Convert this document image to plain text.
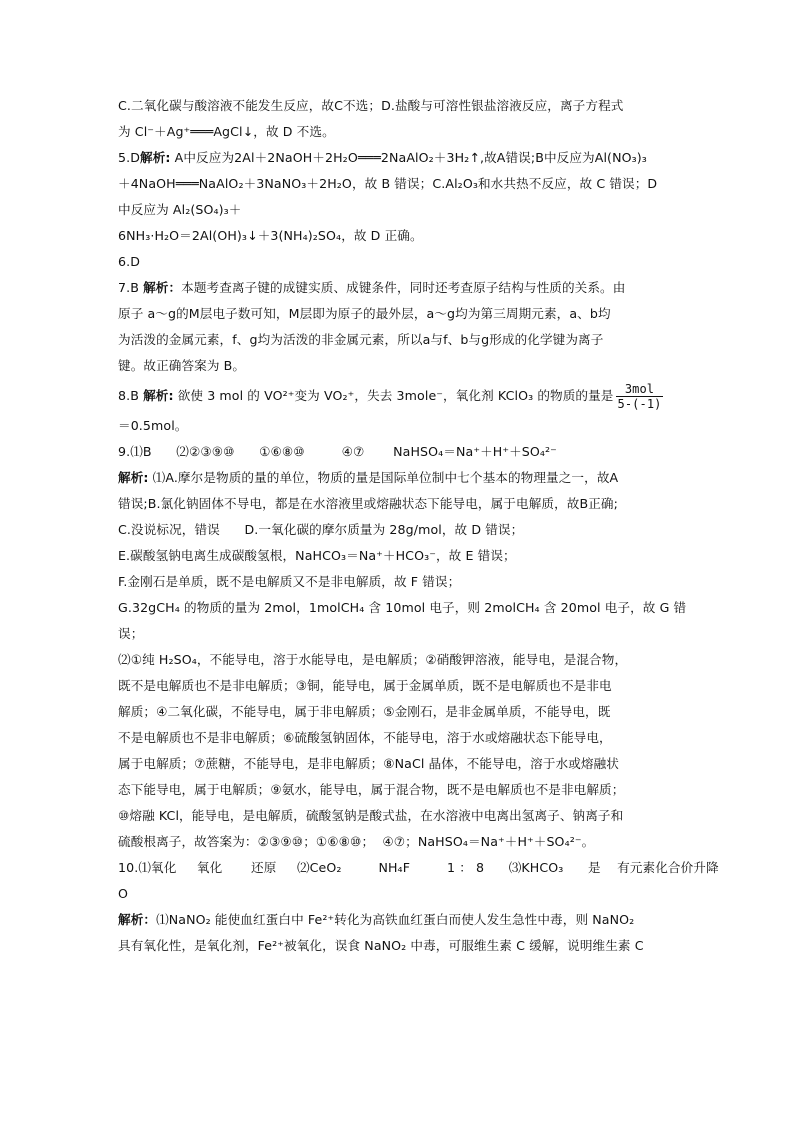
C.二氧化碳与酸溶液不能发生反应，故C不选；D.盐酸与可溶性银盐溶液反应，离子方程式
为 Cl⁻＋Ag⁺═══AgCl↓，故 D 不选。
5.D解析: A中反应为2Al＋2NaOH＋2H₂O═══2NaAlO₂＋3H₂↑,故A错误;B中反应为Al(NO₃)₃
＋4NaOH═══NaAlO₂＋3NaNO₃＋2H₂O，故 B 错误；C.Al₂O₃和水共热不反应，故 C 错误；D
中反应为 Al₂(SO₄)₃＋
6NH₃·H₂O＝2Al(OH)₃↓＋3(NH₄)₂SO₄，故 D 正确。
6.D
7.B 解析：本题考查离子键的成键实质、成键条件，同时还考查原子结构与性质的关系。由
原子 a～g的M层电子数可知，M层即为原子的最外层，a～g均为第三周期元素，a、b均
为活泼的金属元素，f、g均为活泼的非金属元素，所以a与f、b与g形成的化学键为离子
键。故正确答案为 B。
8.B 解析: 欲使 3 mol 的 VO²⁺变为 VO₂⁺，失去 3mole⁻，氧化剂 KClO₃ 的物质的量是 $\frac{\text{3mol}}{5-(-1)}$
＝0.5mol。
9.⑴B      ⑵②③⑨⑩      ①⑥⑧⑩         ④⑦       NaHSO₄＝Na⁺＋H⁺＋SO₄²⁻
解析: ⑴A.摩尔是物质的量的单位，物质的量是国际单位制中七个基本的物理量之一，故A
错误;B.氯化钠固体不导电，都是在水溶液里或熔融状态下能导电，属于电解质，故B正确;
C.没说标况，错误      D.一氧化碳的摩尔质量为 28g/mol，故 D 错误；
E.碳酸氢钠电离生成碳酸氢根，NaHCO₃＝Na⁺＋HCO₃⁻，故 E 错误；
F.金刚石是单质，既不是电解质又不是非电解质，故 F 错误；
G.32gCH₄ 的物质的量为 2mol，1molCH₄ 含 10mol 电子，则 2molCH₄ 含 20mol 电子，故 G 错
误；
⑵①纯 H₂SO₄，不能导电，溶于水能导电，是电解质；②硝酸钾溶液，能导电，是混合物，
既不是电解质也不是非电解质；③铜，能导电，属于金属单质，既不是电解质也不是非电
解质；④二氧化碳，不能导电，属于非电解质；⑤金刚石，是非金属单质，不能导电，既
不是电解质也不是非电解质；⑥硫酸氢钠固体，不能导电，溶于水或熔融状态下能导电，
属于电解质；⑦蔗糖，不能导电，是非电解质；⑧NaCl 晶体，不能导电，溶于水或熔融状
态下能导电，属于电解质；⑨氨水，能导电，属于混合物，既不是电解质也不是非电解质；
⑩熔融 KCl，能导电，是电解质，硫酸氢钠是酸式盐，在水溶液中电离出氢离子、钠离子和
硫酸根离子，故答案为：②③⑨⑩；①⑥⑧⑩；  ④⑦；NaHSO₄＝Na⁺＋H⁺＋SO₄²⁻。
10.⑴氧化     氧化       还原     ⑵CeO₂         NH₄F         1 ： 8      ⑶KHCO₃      是    有元素化合价升降
O
解析：⑴NaNO₂ 能使血红蛋白中 Fe²⁺转化为高铁血红蛋白而使人发生急性中毒，则 NaNO₂
具有氧化性，是氧化剂，Fe²⁺被氧化，误食 NaNO₂ 中毒，可服维生素 C 缓解，说明维生素 C
